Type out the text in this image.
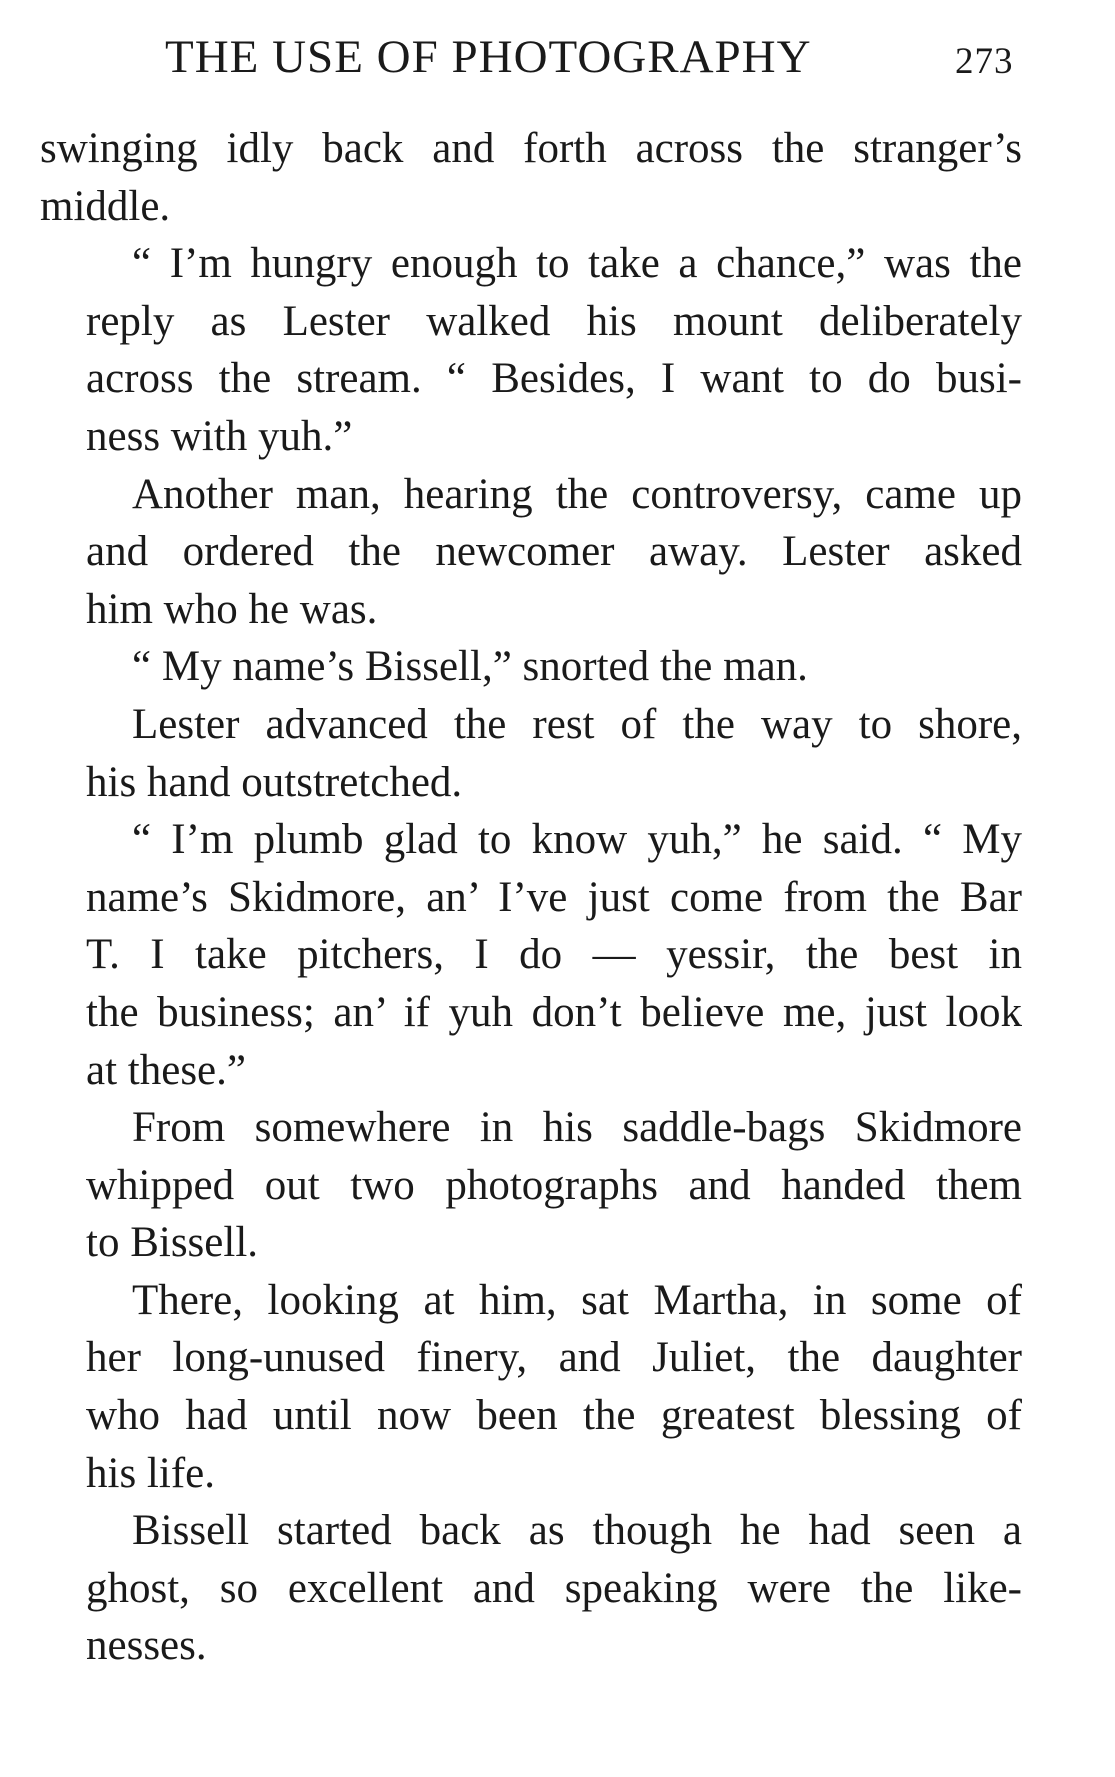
THE USE OF PHOTOGRAPHY	273

swinging idly back and forth across the stranger’s
middle.

“ I’m hungry enough to take a chance,” was the
reply as Lester walked his mount deliberately
across the stream. “ Besides, I want to do busi-
ness with yuh.”

Another man, hearing the controversy, came up
and ordered the newcomer away. Lester asked
him who he was.

“ My name’s Bissell,” snorted the man.

Lester advanced the rest of the way to shore,
his hand outstretched.

“ I’m plumb glad to know yuh,” he said. “ My
name’s Skidmore, an’ I’ve just come from the Bar
T. I take pitchers, I do — yessir, the best in
the business; an’ if yuh don’t believe me, just look
at these.”

From somewhere in his saddle-bags Skidmore
whipped out two photographs and handed them
to Bissell.

There, looking at him, sat Martha, in some of
her long-unused finery, and Juliet, the daughter
who had until now been the greatest blessing of
his life.

Bissell started back as though he had seen a
ghost, so excellent and speaking were the like-
nesses.
